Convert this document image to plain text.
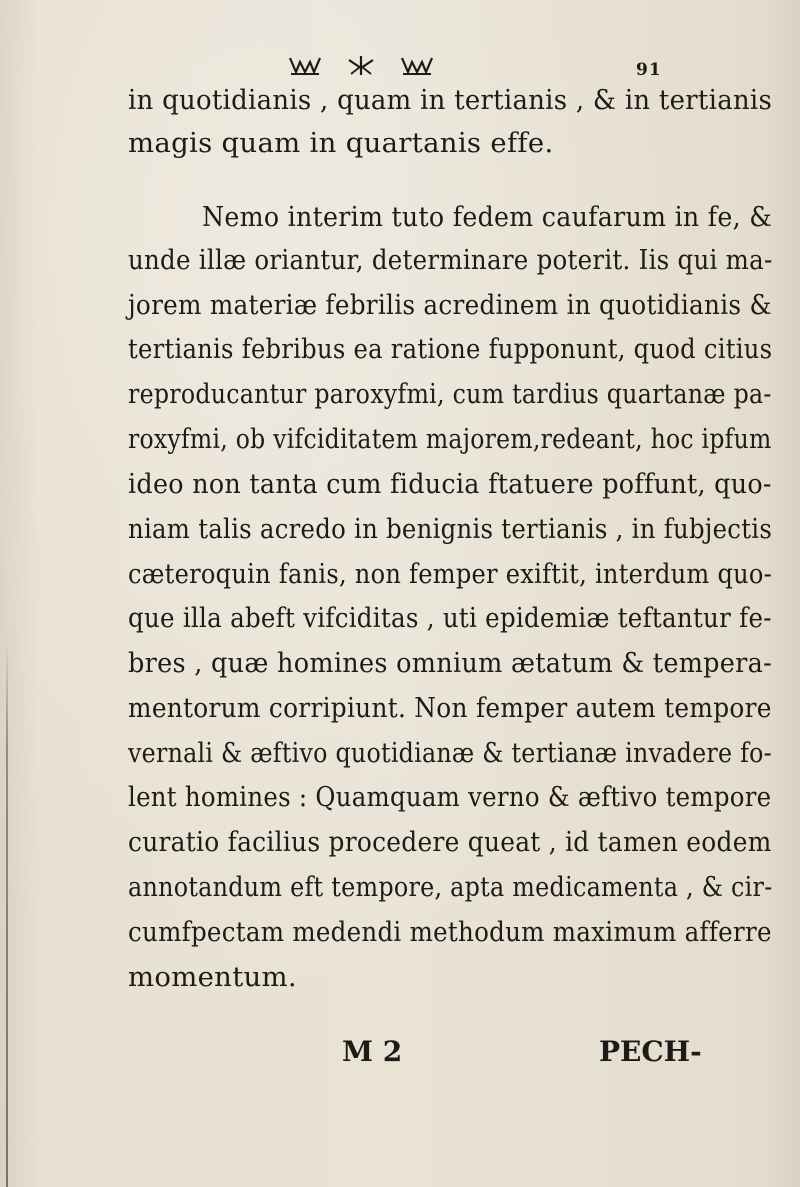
91
in quotidianis , quam in tertianis , & in tertianis
magis quam in quartanis effe.
Nemo interim tuto fedem caufarum in fe, &
unde illæ oriantur, determinare poterit. Iis qui ma-
jorem materiæ febrilis acredinem in quotidianis &
tertianis febribus ea ratione fupponunt, quod citius
reproducantur paroxyfmi, cum tardius quartanæ pa-
roxyfmi, ob vifciditatem majorem,redeant, hoc ipfum
ideo non tanta cum fiducia ftatuere poffunt, quo-
niam talis acredo in benignis tertianis , in fubjectis
cæteroquin fanis, non femper exiftit, interdum quo-
que illa abeft vifciditas , uti epidemiæ teftantur fe-
bres , quæ homines omnium ætatum & tempera-
mentorum corripiunt. Non femper autem tempore
vernali & æftivo quotidianæ & tertianæ invadere fo-
lent homines : Quamquam verno & æftivo tempore
curatio facilius procedere queat , id tamen eodem
annotandum eft tempore, apta medicamenta , & cir-
cumfpectam medendi methodum maximum afferre
momentum.
M 2	PECH-
